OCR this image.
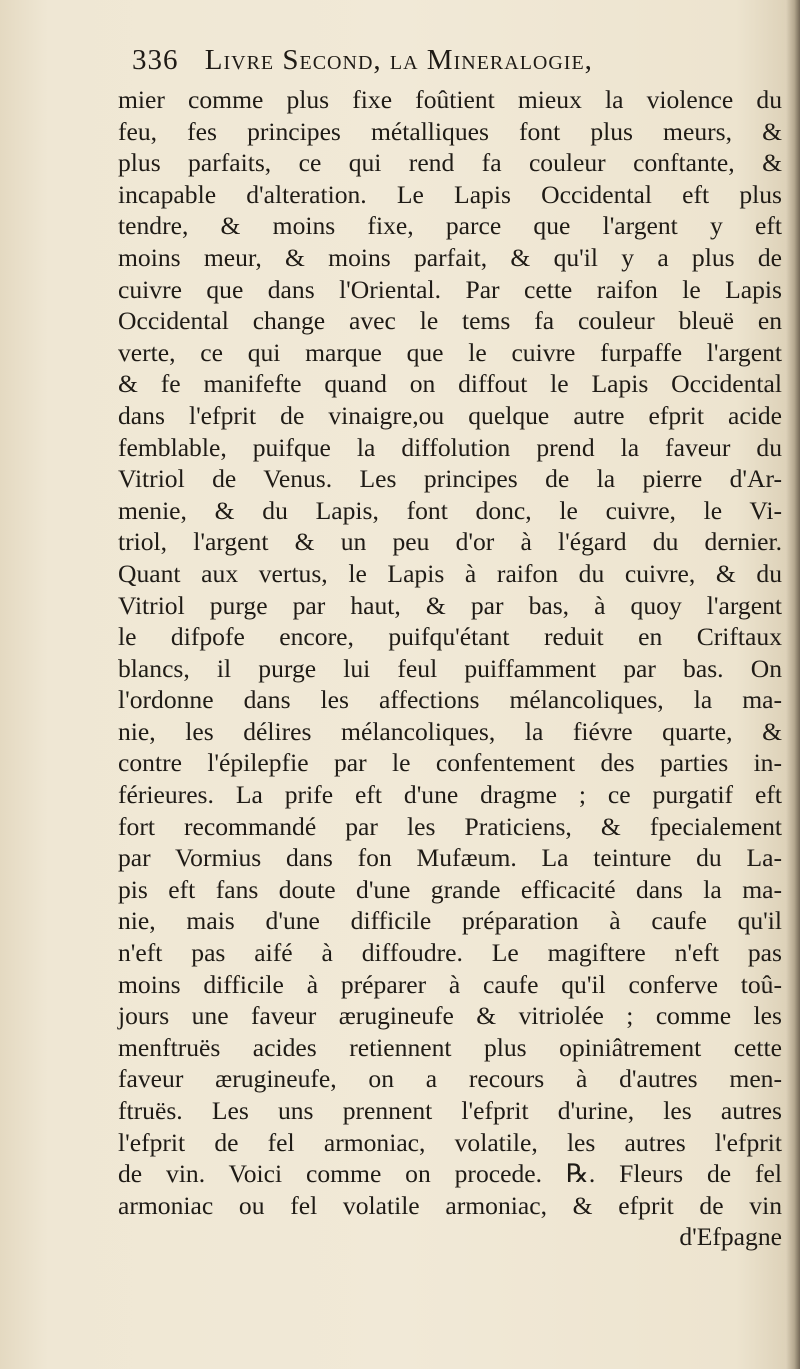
336 Livre Second, la Mineralogie,
mier comme plus fixe foûtient mieux la violence du
feu, fes principes métalliques font plus meurs, &
plus parfaits, ce qui rend fa couleur conftante, &
incapable d'alteration. Le Lapis Occidental eft plus
tendre, & moins fixe, parce que l'argent y eft
moins meur, & moins parfait, & qu'il y a plus de
cuivre que dans l'Oriental. Par cette raifon le Lapis
Occidental change avec le tems fa couleur bleuë en
verte, ce qui marque que le cuivre furpaffe l'argent
& fe manifefte quand on diffout le Lapis Occidental
dans l'efprit de vinaigre,ou quelque autre efprit acide
femblable, puifque la diffolution prend la faveur du
Vitriol de Venus. Les principes de la pierre d'Ar-
menie, & du Lapis, font donc, le cuivre, le Vi-
triol, l'argent & un peu d'or à l'égard du dernier.
Quant aux vertus, le Lapis à raifon du cuivre, & du
Vitriol purge par haut, & par bas, à quoy l'argent
le difpofe encore, puifqu'étant reduit en Criftaux
blancs, il purge lui feul puiffamment par bas. On
l'ordonne dans les affections mélancoliques, la ma-
nie, les délires mélancoliques, la fiévre quarte, &
contre l'épilepfie par le confentement des parties in-
férieures. La prife eft d'une dragme ; ce purgatif eft
fort recommandé par les Praticiens, & fpecialement
par Vormius dans fon Mufæum. La teinture du La-
pis eft fans doute d'une grande efficacité dans la ma-
nie, mais d'une difficile préparation à caufe qu'il
n'eft pas aifé à diffoudre. Le magiftere n'eft pas
moins difficile à préparer à caufe qu'il conferve toû-
jours une faveur ærugineufe & vitriolée ; comme les
menftruës acides retiennent plus opiniâtrement cette
faveur ærugineufe, on a recours à d'autres men-
ftruës. Les uns prennent l'efprit d'urine, les autres
l'efprit de fel armoniac, volatile, les autres l'efprit
de vin. Voici comme on procede. ℞. Fleurs de fel
armoniac ou fel volatile armoniac, & efprit de vin
d'Efpagne
